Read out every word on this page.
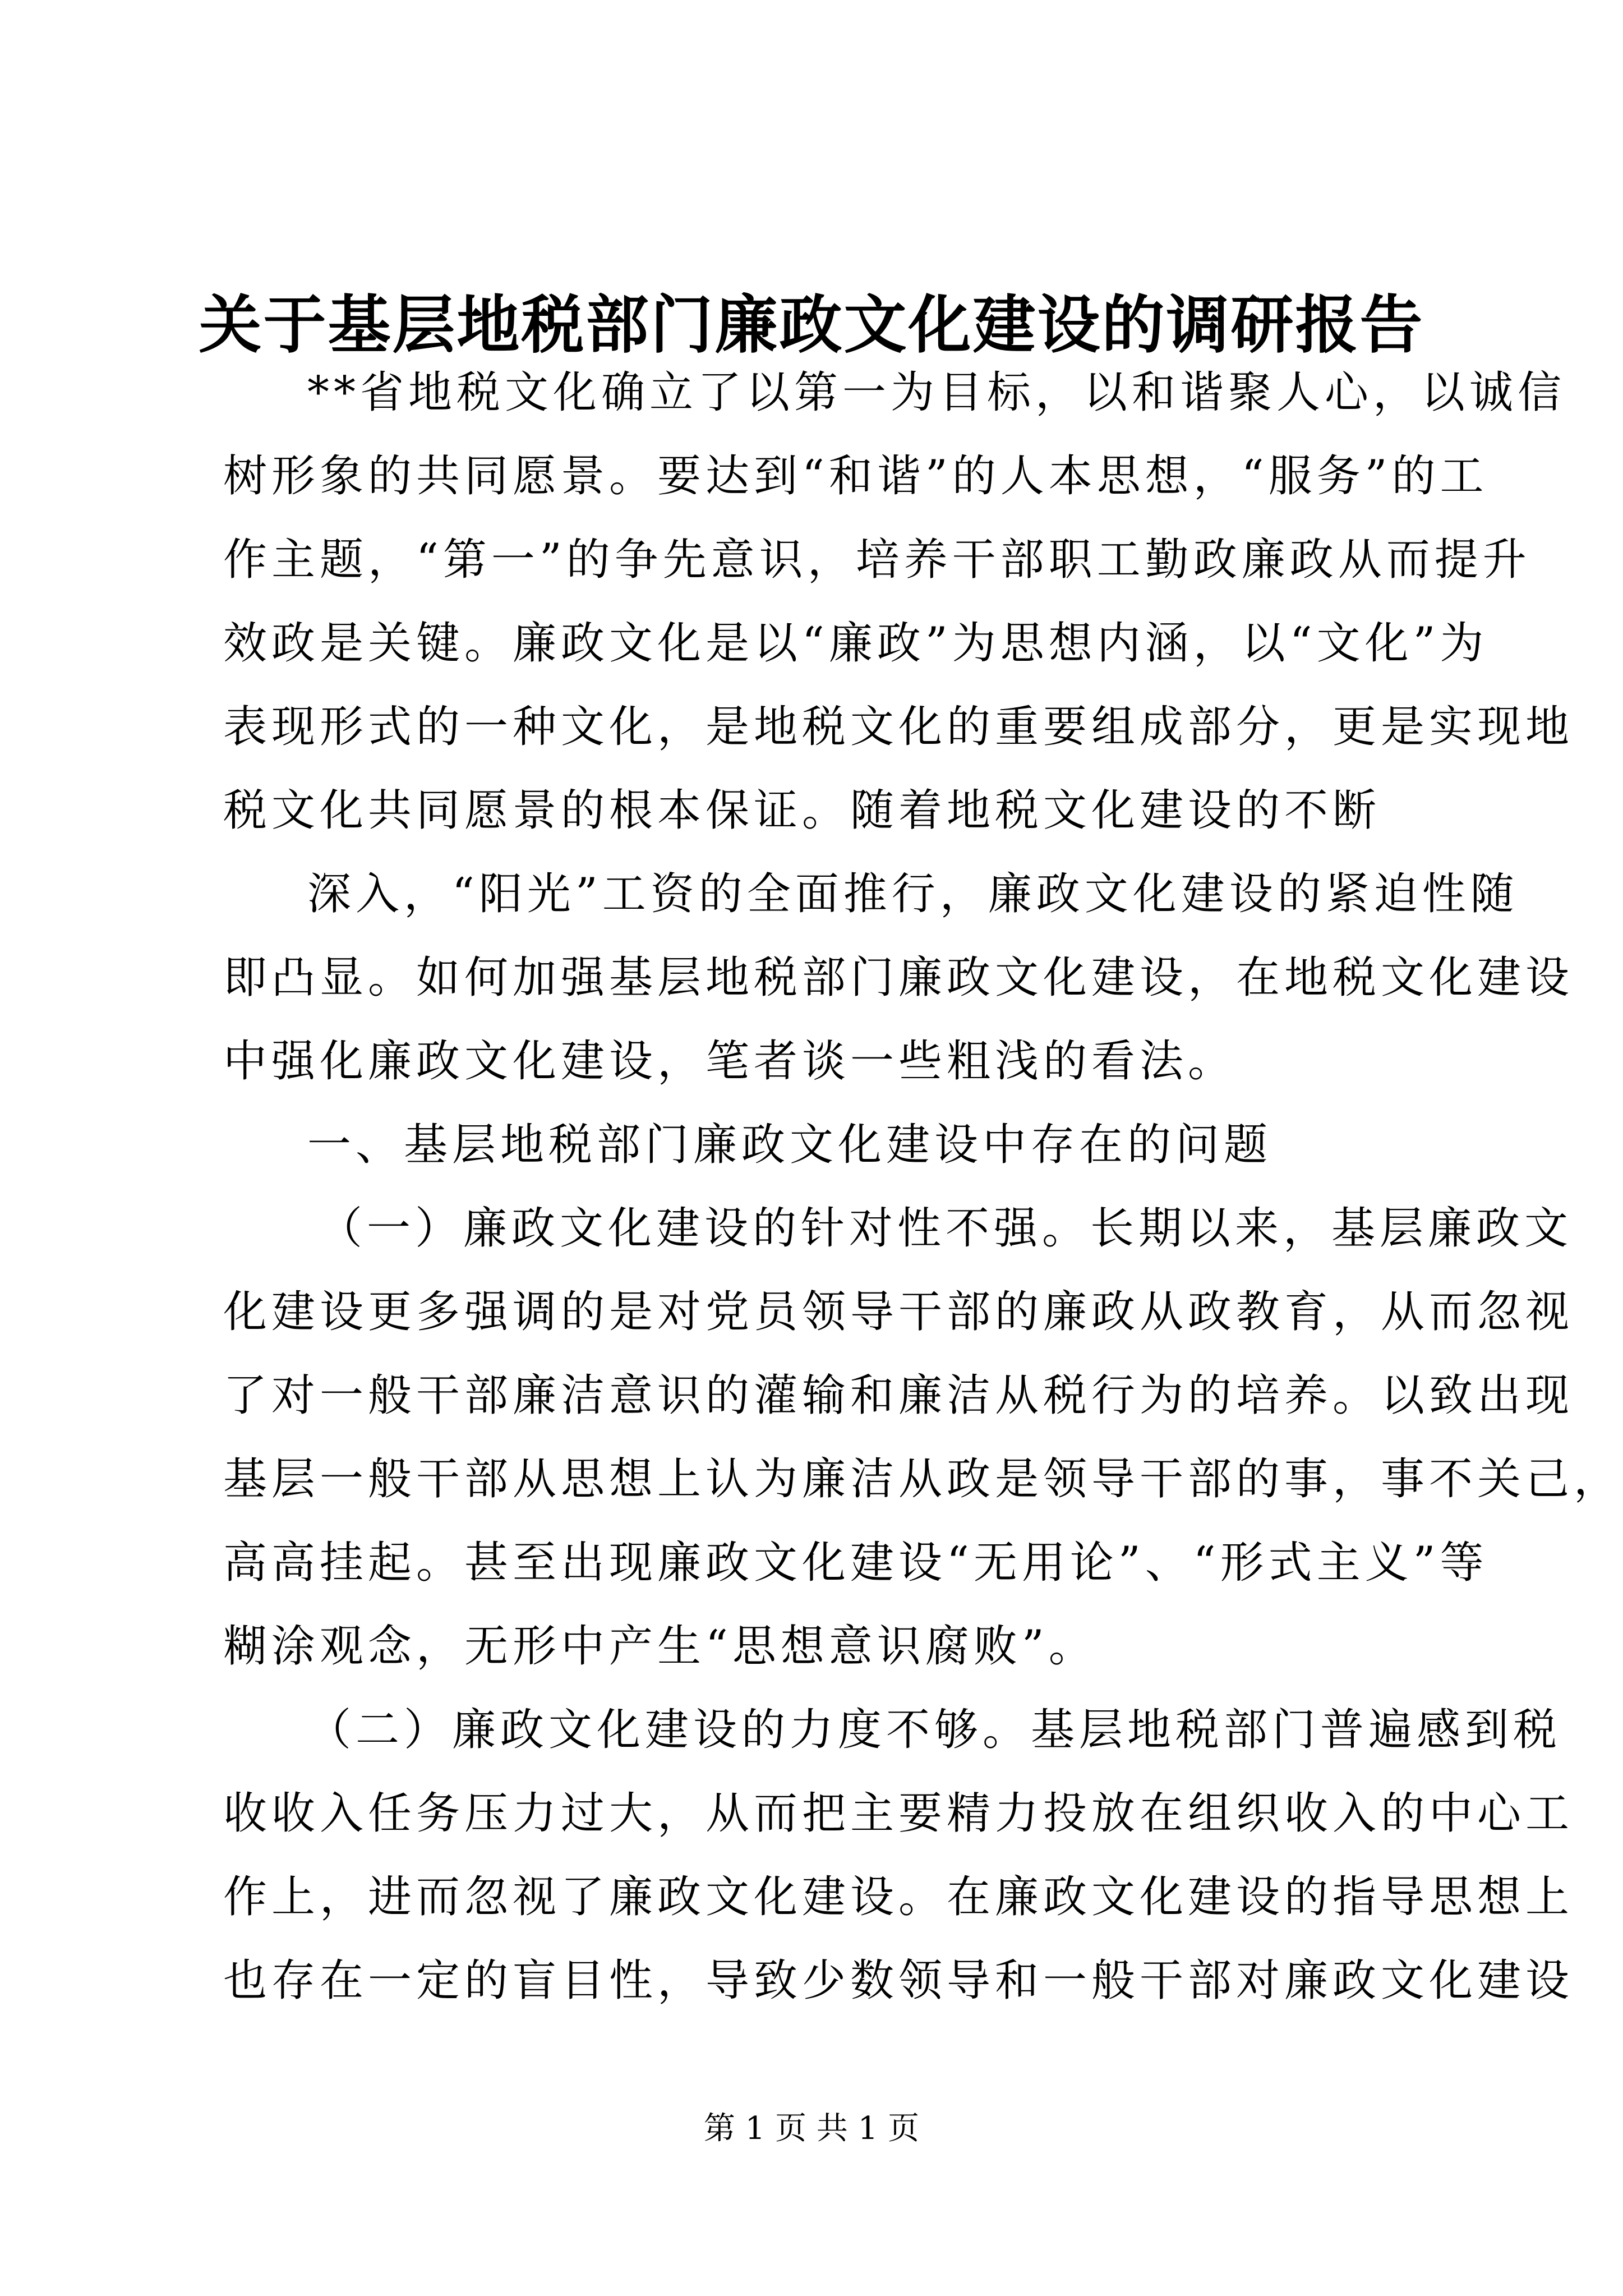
关于基层地税部门廉政文化建设的调研报告
**省地税文化确立了以第一为目标，以和谐聚人心，以诚信
树形象的共同愿景。要达到“和谐”的人本思想，“服务”的工
作主题，“第一”的争先意识，培养干部职工勤政廉政从而提升
效政是关键。廉政文化是以“廉政”为思想内涵，以“文化”为
表现形式的一种文化，是地税文化的重要组成部分，更是实现地
税文化共同愿景的根本保证。随着地税文化建设的不断
深入，“阳光”工资的全面推行，廉政文化建设的紧迫性随
即凸显。如何加强基层地税部门廉政文化建设，在地税文化建设
中强化廉政文化建设，笔者谈一些粗浅的看法。
一、基层地税部门廉政文化建设中存在的问题
（一）廉政文化建设的针对性不强。长期以来，基层廉政文
化建设更多强调的是对党员领导干部的廉政从政教育，从而忽视
了对一般干部廉洁意识的灌输和廉洁从税行为的培养。以致出现
基层一般干部从思想上认为廉洁从政是领导干部的事，事不关己，
高高挂起。甚至出现廉政文化建设“无用论”、“形式主义”等
糊涂观念，无形中产生“思想意识腐败”。
（二）廉政文化建设的力度不够。基层地税部门普遍感到税
收收入任务压力过大，从而把主要精力投放在组织收入的中心工
作上，进而忽视了廉政文化建设。在廉政文化建设的指导思想上
也存在一定的盲目性，导致少数领导和一般干部对廉政文化建设
第 1 页 共 1 页
